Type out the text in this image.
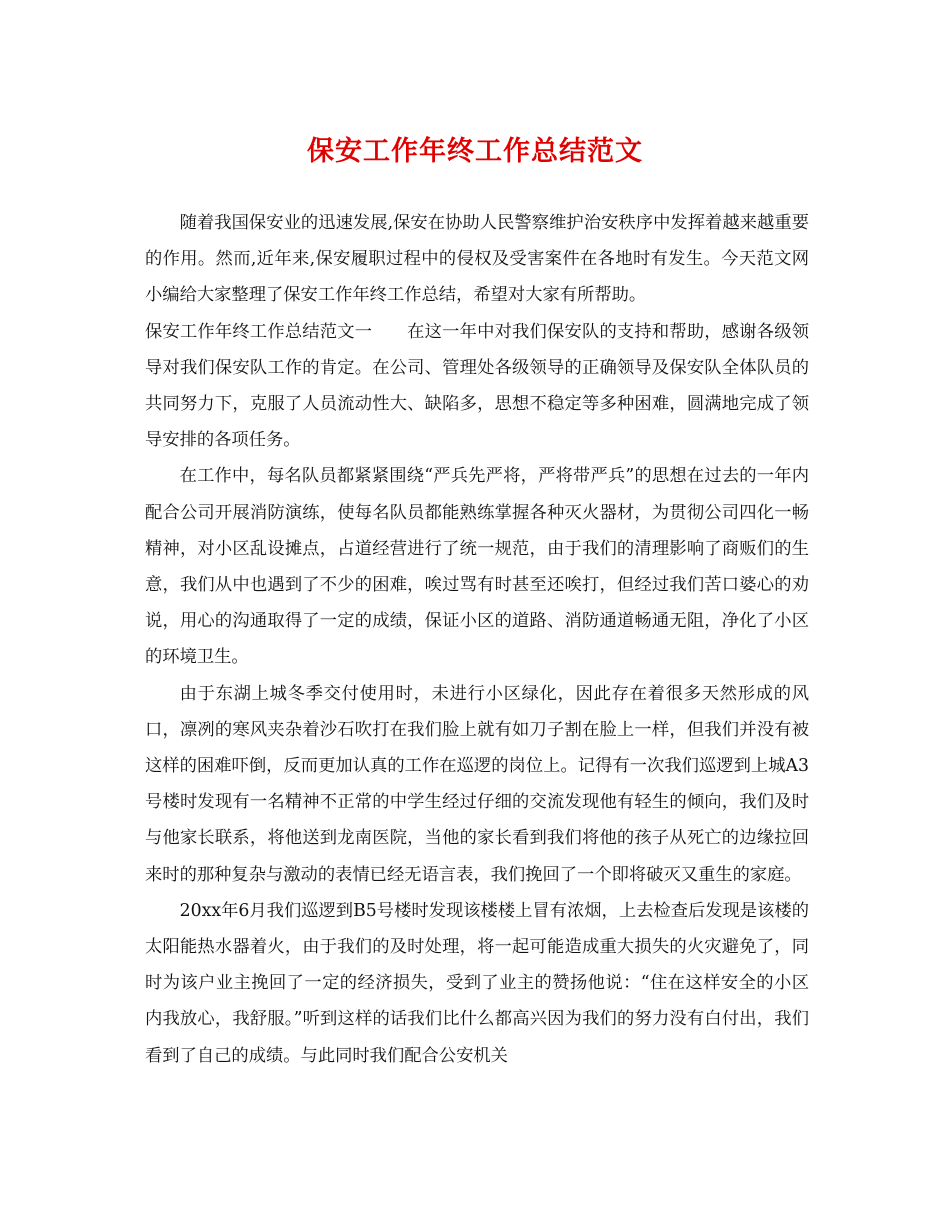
保安工作年终工作总结范文

随着我国保安业的迅速发展,保安在协助人民警察维护治安秩序中发挥着越来越重要的作用。然而,近年来,保安履职过程中的侵权及受害案件在各地时有发生。今天范文网小编给大家整理了保安工作年终工作总结，希望对大家有所帮助。

保安工作年终工作总结范文一　　在这一年中对我们保安队的支持和帮助，感谢各级领导对我们保安队工作的肯定。在公司、管理处各级领导的正确领导及保安队全体队员的共同努力下，克服了人员流动性大、缺陷多，思想不稳定等多种困难，圆满地完成了领导安排的各项任务。

在工作中，每名队员都紧紧围绕“严兵先严将，严将带严兵”的思想在过去的一年内配合公司开展消防演练，使每名队员都能熟练掌握各种灭火器材，为贯彻公司四化一畅精神，对小区乱设摊点，占道经营进行了统一规范，由于我们的清理影响了商贩们的生意，我们从中也遇到了不少的困难，唉过骂有时甚至还唉打，但经过我们苦口婆心的劝说，用心的沟通取得了一定的成绩，保证小区的道路、消防通道畅通无阻，净化了小区的环境卫生。

由于东湖上城冬季交付使用时，未进行小区绿化，因此存在着很多天然形成的风口，凛冽的寒风夹杂着沙石吹打在我们脸上就有如刀子割在脸上一样，但我们并没有被这样的困难吓倒，反而更加认真的工作在巡逻的岗位上。记得有一次我们巡逻到上城A3号楼时发现有一名精神不正常的中学生经过仔细的交流发现他有轻生的倾向，我们及时与他家长联系，将他送到龙南医院，当他的家长看到我们将他的孩子从死亡的边缘拉回来时的那种复杂与激动的表情已经无语言表，我们挽回了一个即将破灭又重生的家庭。

20xx年6月我们巡逻到B5号楼时发现该楼楼上冒有浓烟，上去检查后发现是该楼的太阳能热水器着火，由于我们的及时处理，将一起可能造成重大损失的火灾避免了，同时为该户业主挽回了一定的经济损失，受到了业主的赞扬他说：“住在这样安全的小区内我放心，我舒服。”听到这样的话我们比什么都高兴因为我们的努力没有白付出，我们看到了自己的成绩。与此同时我们配合公安机关
